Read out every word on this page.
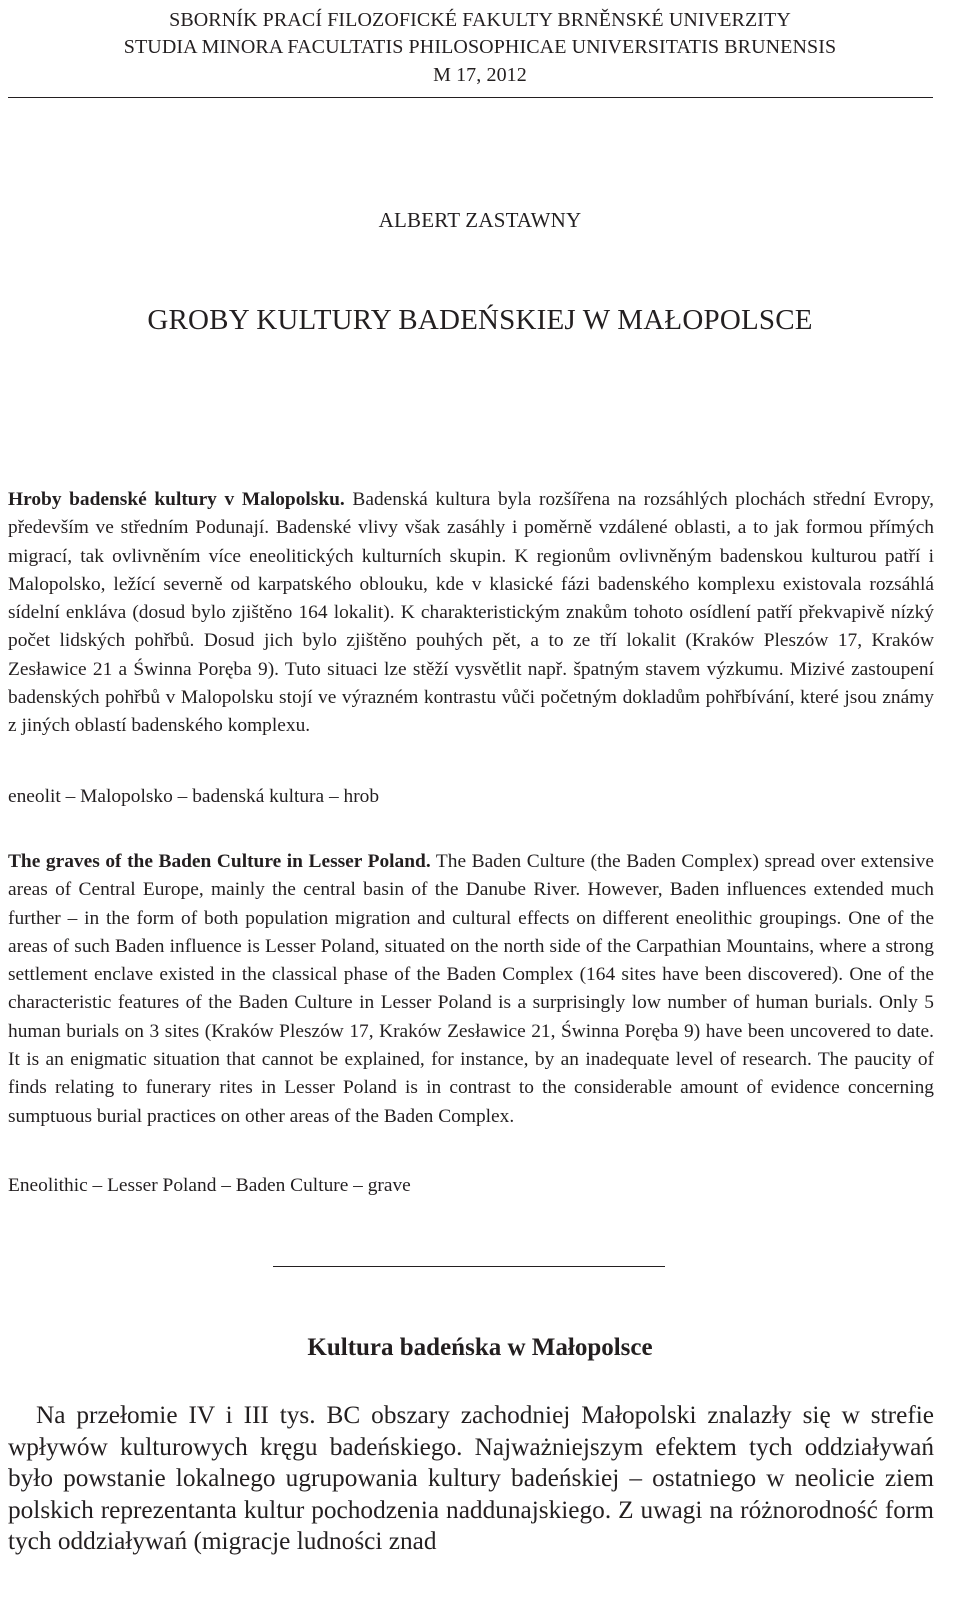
SBORNÍK PRACÍ FILOZOFICKÉ FAKULTY BRNĚNSKÉ UNIVERZITY
STUDIA MINORA FACULTATIS PHILOSOPHICAE UNIVERSITATIS BRUNENSIS
M 17, 2012
ALBERT ZASTAWNY
GROBY KULTURY BADEŃSKIEJ W MAŁOPOLSCE

Hroby badenské kultury v Malopolsku. Badenská kultura byla rozšířena na rozsáhlých plochách střední Evropy, především ve středním Podunají. Badenské vlivy však zasáhly i poměrně vzdálené oblasti, a to jak formou přímých migrací, tak ovlivněním více eneolitických kulturních skupin. K regionům ovlivněným badenskou kulturou patří i Malopolsko, ležící severně od karpatského oblouku, kde v klasické fázi badenského komplexu existovala rozsáhlá sídelní enkláva (dosud bylo zjištěno 164 lokalit). K charakteristickým znakům tohoto osídlení patří překvapivě nízký počet lidských pohřbů. Dosud jich bylo zjištěno pouhých pět, a to ze tří lokalit (Kraków Pleszów 17, Kraków Zesławice 21 a Świnna Poręba 9). Tuto situaci lze stěží vysvětlit např. špatným stavem výzkumu. Mizivé zastoupení badenských pohřbů v Malopolsku stojí ve výrazném kontrastu vůči početným dokladům pohřbívání, které jsou známy z jiných oblastí badenského komplexu.

eneolit – Malopolsko – badenská kultura – hrob

The graves of the Baden Culture in Lesser Poland. The Baden Culture (the Baden Complex) spread over extensive areas of Central Europe, mainly the central basin of the Danube River. However, Baden influences extended much further – in the form of both population migration and cultural effects on different eneolithic groupings. One of the areas of such Baden influence is Lesser Poland, situated on the north side of the Carpathian Mountains, where a strong settlement enclave existed in the classical phase of the Baden Complex (164 sites have been discovered). One of the characteristic features of the Baden Culture in Lesser Poland is a surprisingly low number of human burials. Only 5 human burials on 3 sites (Kraków Pleszów 17, Kraków Zesławice 21, Świnna Poręba 9) have been uncovered to date. It is an enigmatic situation that cannot be explained, for instance, by an inadequate level of research. The paucity of finds relating to funerary rites in Lesser Poland is in contrast to the considerable amount of evidence concerning sumptuous burial practices on other areas of the Baden Complex.

Eneolithic – Lesser Poland – Baden Culture – grave

Kultura badeńska w Małopolsce

Na przełomie IV i III tys. BC obszary zachodniej Małopolski znalazły się w strefie wpływów kulturowych kręgu badeńskiego. Najważniejszym efektem tych oddziaływań było powstanie lokalnego ugrupowania kultury badeńskiej – ostatniego w neolicie ziem polskich reprezentanta kultur pochodzenia naddunajskiego. Z uwagi na różnorodność form tych oddziaływań (migracje ludności znad
